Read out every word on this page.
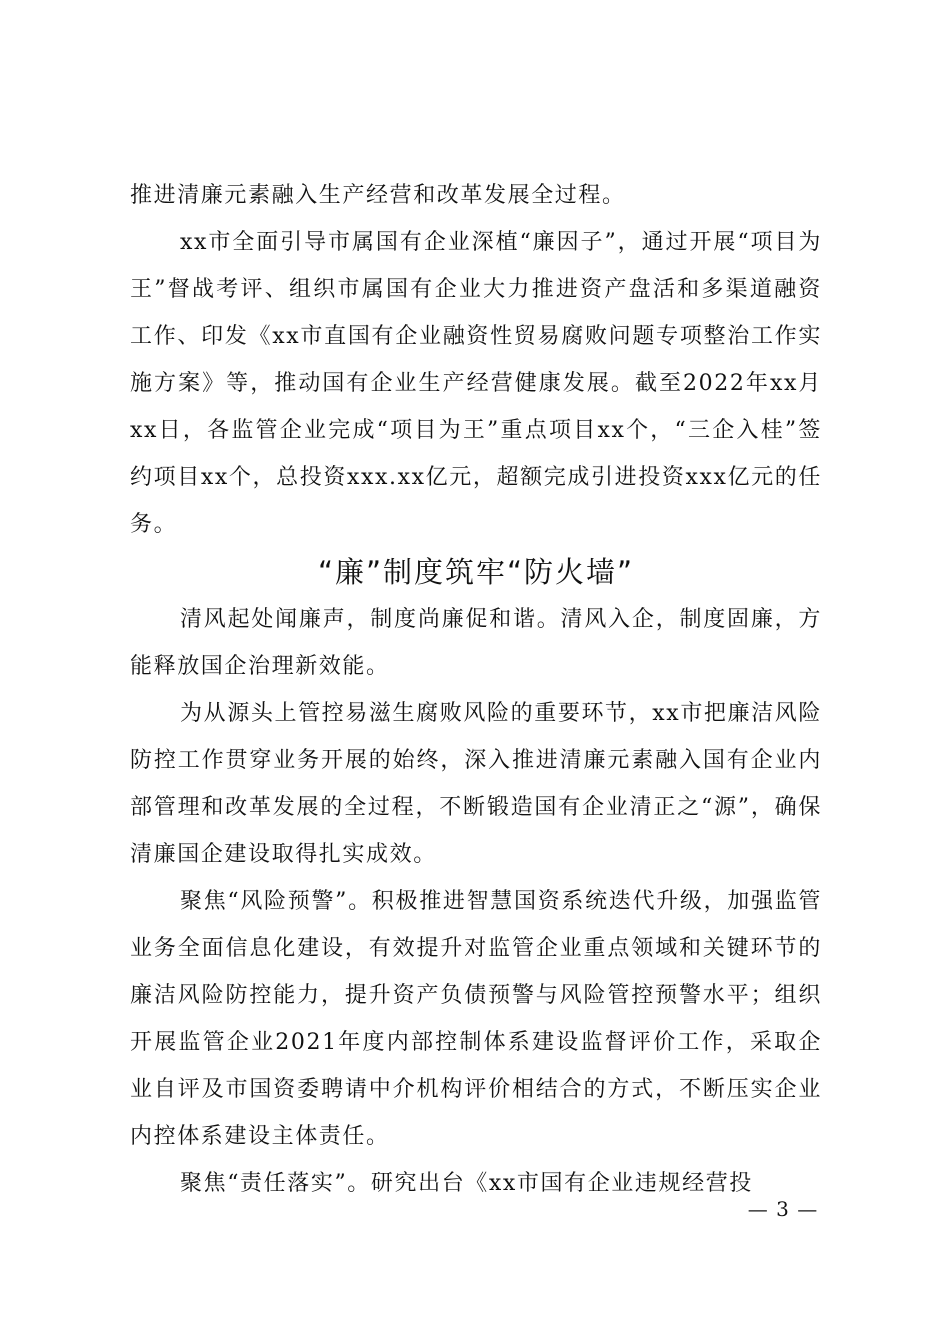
推进清廉元素融入生产经营和改革发展全过程。

xx市全面引导市属国有企业深植“廉因子”，通过开展“项目为王”督战考评、组织市属国有企业大力推进资产盘活和多渠道融资工作、印发《xx市直国有企业融资性贸易腐败问题专项整治工作实施方案》等，推动国有企业生产经营健康发展。截至2022年xx月xx日，各监管企业完成“项目为王”重点项目xx个，“三企入桂”签约项目xx个，总投资xxx.xx亿元，超额完成引进投资xxx亿元的任务。

“廉”制度筑牢“防火墙”

清风起处闻廉声，制度尚廉促和谐。清风入企，制度固廉，方能释放国企治理新效能。

为从源头上管控易滋生腐败风险的重要环节，xx市把廉洁风险防控工作贯穿业务开展的始终，深入推进清廉元素融入国有企业内部管理和改革发展的全过程，不断锻造国有企业清正之“源”，确保清廉国企建设取得扎实成效。

聚焦“风险预警”。积极推进智慧国资系统迭代升级，加强监管业务全面信息化建设，有效提升对监管企业重点领域和关键环节的廉洁风险防控能力，提升资产负债预警与风险管控预警水平；组织开展监管企业2021年度内部控制体系建设监督评价工作，采取企业自评及市国资委聘请中介机构评价相结合的方式，不断压实企业内控体系建设主体责任。

聚焦“责任落实”。研究出台《xx市国有企业违规经营投

— 3 —
